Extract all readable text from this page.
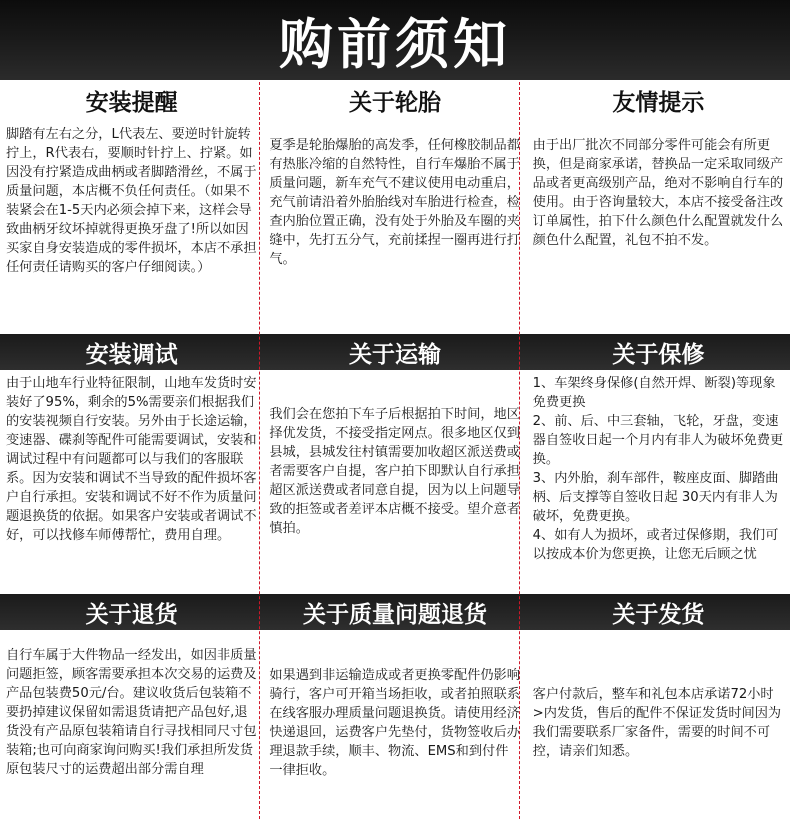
购前须知
安装提醒	关于轮胎	友情提示

脚踏有左右之分，L代表左、要逆时针旋转拧上，R代表右，要顺时针拧上、拧紧。如因没有拧紧造成曲柄或者脚踏滑丝，不属于质量问题，本店概不负任何责任。（如果不装紧会在1-5天内必须会掉下来，这样会导致曲柄牙纹坏掉就得更换牙盘了!所以如因买家自身安装造成的零件损坏，本店不承担任何责任请购买的客户仔细阅读。）

夏季是轮胎爆胎的高发季，任何橡胶制品都有热胀冷缩的自然特性，自行车爆胎不属于质量问题，新车充气不建议使用电动重启，充气前请沿着外胎胎线对车胎进行检查，检查内胎位置正确，没有处于外胎及车圈的夹缝中，先打五分气，充前揉捏一圈再进行打气。

由于出厂批次不同部分零件可能会有所更换，但是商家承诺，替换品一定采取同级产品或者更高级别产品，绝对不影响自行车的使用。由于咨询量较大，本店不接受备注改订单属性，拍下什么颜色什么配置就发什么颜色什么配置，礼包不拍不发。

安装调试	关于运输	关于保修

由于山地车行业特征限制，山地车发货时安装好了95%，剩余的5%需要亲们根据我们的安装视频自行安装。另外由于长途运输，变速器、碟刹等配件可能需要调试，安装和调试过程中有问题都可以与我们的客服联系。因为安装和调试不当导致的配件损坏客户自行承担。安装和调试不好不作为质量问题退换货的依据。如果客户安装或者调试不好，可以找修车师傅帮忙，费用自理。

我们会在您拍下车子后根据拍下时间，地区择优发货，不接受指定网点。很多地区仅到县城，县城发往村镇需要加收超区派送费或者需要客户自提，客户拍下即默认自行承担超区派送费或者同意自提，因为以上问题导致的拒签或者差评本店概不接受。望介意者慎拍。

1、车架终身保修(自然开焊、断裂)等现象免费更换

2、前、后、中三套轴，飞轮，牙盘，变速器自签收日起一个月内有非人为破坏免费更换。

3、内外胎，刹车部件，鞍座皮面、脚踏曲柄、后支撑等自签收日起 30天内有非人为破坏，免费更换。

4、如有人为损坏，或者过保修期，我们可以按成本价为您更换，让您无后顾之忧

关于退货	关于质量问题退货	关于发货

自行车属于大件物品一经发出，如因非质量问题拒签，顾客需要承担本次交易的运费及产品包装费50元/台。建议收货后包装箱不要扔掉建议保留如需退货请把产品包好,退货没有产品原包装箱请自行寻找相同尺寸包装箱;也可向商家询问购买!我们承担所发货原包装尺寸的运费超出部分需自理

如果遇到非运输造成或者更换零配件仍影响骑行，客户可开箱当场拒收，或者拍照联系在线客服办理质量问题退换货。请使用经济快递退回，运费客户先垫付，货物签收后办理退款手续，顺丰、物流、EMS和到付件一律拒收。

客户付款后，整车和礼包本店承诺72小时>内发货，售后的配件不保证发货时间因为我们需要联系厂家备件，需要的时间不可控，请亲们知悉。
